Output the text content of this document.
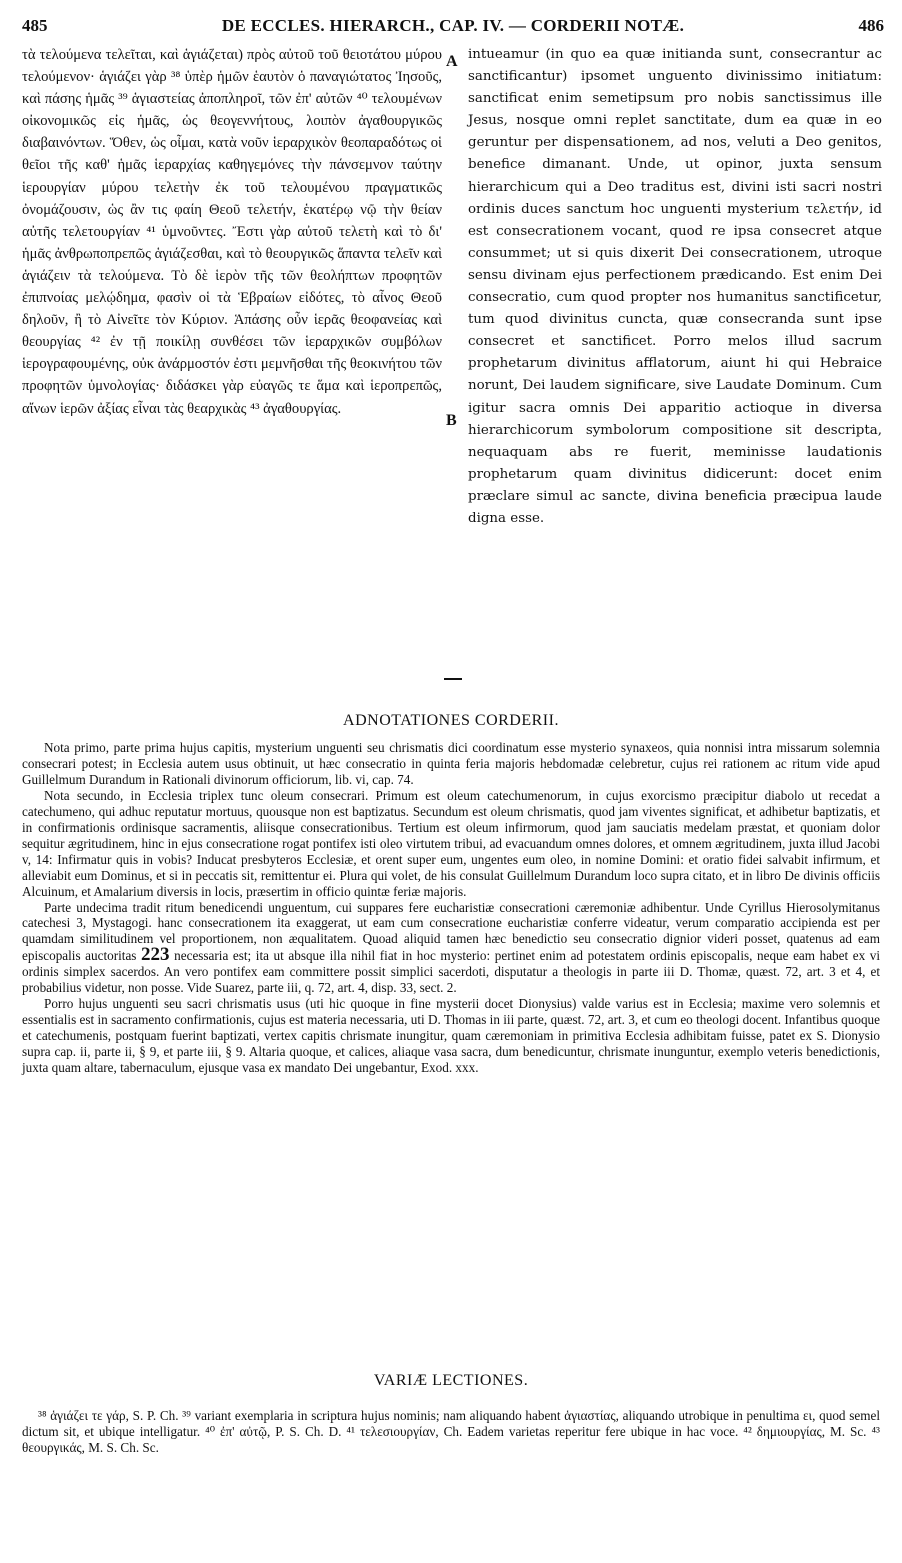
485	DE ECCLES. HIERARCH., CAP. IV. — CORDERII NOTÆ.	486

τὰ τελούμενα τελεῖται, καὶ ἁγιάζεται) πρὸς αὐτοῦ τοῦ θειοτάτου μύρου τελούμενον· ἁγιάζει γὰρ ³⁸ ὑπὲρ ἡμῶν ἑαυτὸν ὁ παναγιώτατος Ἰησοῦς, καὶ πάσης ἡμᾶς ³⁹ ἁγιαστείας ἀποπληροῖ, τῶν ἐπ' αὐτῶν ⁴⁰ τελουμένων οἰκονομικῶς εἰς ἡμᾶς, ὡς θεογεννήτους, λοιπὸν ἀγαθουργικῶς διαβαινόντων. Ὅθεν, ὡς οἶμαι, κατὰ νοῦν ἱεραρχικὸν θεοπαραδότως οἱ θεῖοι τῆς καθ' ἡμᾶς ἱεραρχίας καθηγεμόνες τὴν πάνσεμνον ταύτην ἱερουργίαν μύρου τελετὴν ἐκ τοῦ τελουμένου πραγματικῶς ὀνομάζουσιν, ὡς ἂν τις φαίη Θεοῦ τελετήν, ἑκατέρῳ νῷ τὴν θείαν αὐτῆς τελετουργίαν ⁴¹ ὑμνοῦντες. Ἔστι γὰρ αὐτοῦ τελετὴ καὶ τὸ δι' ἡμᾶς ἀνθρωποπρεπῶς ἁγιάζεσθαι, καὶ τὸ θεουργικῶς ἅπαντα τελεῖν καὶ ἁγιάζειν τὰ τελούμενα. Τὸ δὲ ἱερὸν τῆς τῶν θεολήπτων προφητῶν ἐπιπνοίας μελῴδημα, φασὶν οἱ τὰ Ἑβραίων εἰδότες, τὸ αἶνος Θεοῦ δηλοῦν, ἢ τὸ Αἰνεῖτε τὸν Κύριον. Ἁπάσης οὖν ἱερᾶς θεοφανείας καὶ θεουργίας ⁴² ἐν τῇ ποικίλῃ συνθέσει τῶν ἱεραρχικῶν συμβόλων ἱερογραφουμένης, οὐκ ἀνάρμοστόν ἐστι μεμνῆσθαι τῆς θεοκινήτου τῶν προφητῶν ὑμνολογίας· διδάσκει γὰρ εὐαγῶς τε ἅμα καὶ ἱεροπρεπῶς, αἴνων ἱερῶν ἀξίας εἶναι τὰς θεαρχικὰς ⁴³ ἀγαθουργίας.

A
B

intueamur (in quo ea quæ initianda sunt, consecrantur ac sanctificantur) ipsomet unguento divinissimo initiatum: sanctificat enim semetipsum pro nobis sanctissimus ille Jesus, nosque omni replet sanctitate, dum ea quæ in eo geruntur per dispensationem, ad nos, veluti a Deo genitos, benefice dimanant. Unde, ut opinor, juxta sensum hierarchicum qui a Deo traditus est, divini isti sacri nostri ordinis duces sanctum hoc unguenti mysterium τελετήν, id est consecrationem vocant, quod re ipsa consecret atque consummet; ut si quis dixerit Dei consecrationem, utroque sensu divinam ejus perfectionem prædicando. Est enim Dei consecratio, cum quod propter nos humanitus sanctificetur, tum quod divinitus cuncta, quæ consecranda sunt ipse consecret et sanctificet. Porro melos illud sacrum prophetarum divinitus afflatorum, aiunt hi qui Hebraice norunt, Dei laudem significare, sive Laudate Dominum. Cum igitur sacra omnis Dei apparitio actioque in diversa hierarchicorum symbolorum compositione sit descripta, nequaquam abs re fuerit, meminisse laudationis prophetarum quam divinitus didicerunt: docet enim præclare simul ac sancte, divina beneficia præcipua laude digna esse.

ADNOTATIONES CORDERII.

Nota primo, parte prima hujus capitis, mysterium unguenti seu chrismatis dici coordinatum esse mysterio synaxeos, quia nonnisi intra missarum solemnia consecrari potest; in Ecclesia autem usus obtinuit, ut hæc consecratio in quinta feria majoris hebdomadæ celebretur, cujus rei rationem ac ritum vide apud Guillelmum Durandum in Rationali divinorum officiorum, lib. vi, cap. 74.

Nota secundo, in Ecclesia triplex tunc oleum consecrari. Primum est oleum catechumenorum, in cujus exorcismo præcipitur diabolo ut recedat a catechumeno, qui adhuc reputatur mortuus, quousque non est baptizatus. Secundum est oleum chrismatis, quod jam viventes significat, et adhibetur baptizatis, et in confirmationis ordinisque sacramentis, aliisque consecrationibus. Tertium est oleum infirmorum, quod jam sauciatis medelam præstat, et quoniam dolor sequitur ægritudinem, hinc in ejus consecratione rogat pontifex isti oleo virtutem tribui, ad evacuandum omnes dolores, et omnem ægritudinem, juxta illud Jacobi v, 14: Infirmatur quis in vobis? Inducat presbyteros Ecclesiæ, et orent super eum, ungentes eum oleo, in nomine Domini: et oratio fidei salvabit infirmum, et alleviabit eum Dominus, et si in peccatis sit, remittentur ei. Plura qui volet, de his consulat Guillelmum Durandum loco supra citato, et in libro De divinis officiis Alcuinum, et Amalarium diversis in locis, præsertim in officio quintæ feriæ majoris.

Parte undecima tradit ritum benedicendi unguentum, cui suppares fere eucharistiæ consecrationi cæremoniæ adhibentur. Unde Cyrillus Hierosolymitanus catechesi 3, Mystagogi. hanc consecrationem ita exaggerat, ut eam cum consecratione eucharistiæ conferre videatur, verum comparatio accipienda est per quamdam similitudinem vel proportionem, non æqualitatem. Quoad aliquid tamen hæc benedictio seu consecratio dignior videri posset, quatenus ad eam episcopalis auctoritas 223 necessaria est; ita ut absque illa nihil fiat in hoc mysterio: pertinet enim ad potestatem ordinis episcopalis, neque eam habet ex vi ordinis simplex sacerdos. An vero pontifex eam committere possit simplici sacerdoti, disputatur a theologis in parte iii D. Thomæ, quæst. 72, art. 3 et 4, et probabilius videtur, non posse. Vide Suarez, parte iii, q. 72, art. 4, disp. 33, sect. 2.

Porro hujus unguenti seu sacri chrismatis usus (uti hic quoque in fine mysterii docet Dionysius) valde varius est in Ecclesia; maxime vero solemnis et essentialis est in sacramento confirmationis, cujus est materia necessaria, uti D. Thomas in iii parte, quæst. 72, art. 3, et cum eo theologi docent. Infantibus quoque et catechumenis, postquam fuerint baptizati, vertex capitis chrismate inungitur, quam cæremoniam in primitiva Ecclesia adhibitam fuisse, patet ex S. Dionysio supra cap. ii, parte ii, § 9, et parte iii, § 9. Altaria quoque, et calices, aliaque vasa sacra, dum benedicuntur, chrismate inunguntur, exemplo veteris benedictionis, juxta quam altare, tabernaculum, ejusque vasa ex mandato Dei ungebantur, Exod. xxx.

VARIÆ LECTIONES.

³⁸ ἁγιάζει τε γάρ, S. P. Ch. ³⁹ variant exemplaria in scriptura hujus nominis; nam aliquando habent ἁγιαστίας, aliquando utrobique in penultima ει, quod semel dictum sit, et ubique intelligatur. ⁴⁰ ἐπ' αὐτῷ, P. S. Ch. D. ⁴¹ τελεσιουργίαν, Ch. Eadem varietas reperitur fere ubique in hac voce. ⁴² δημιουργίας, M. Sc. ⁴³ θεουργικάς, M. S. Ch. Sc.
